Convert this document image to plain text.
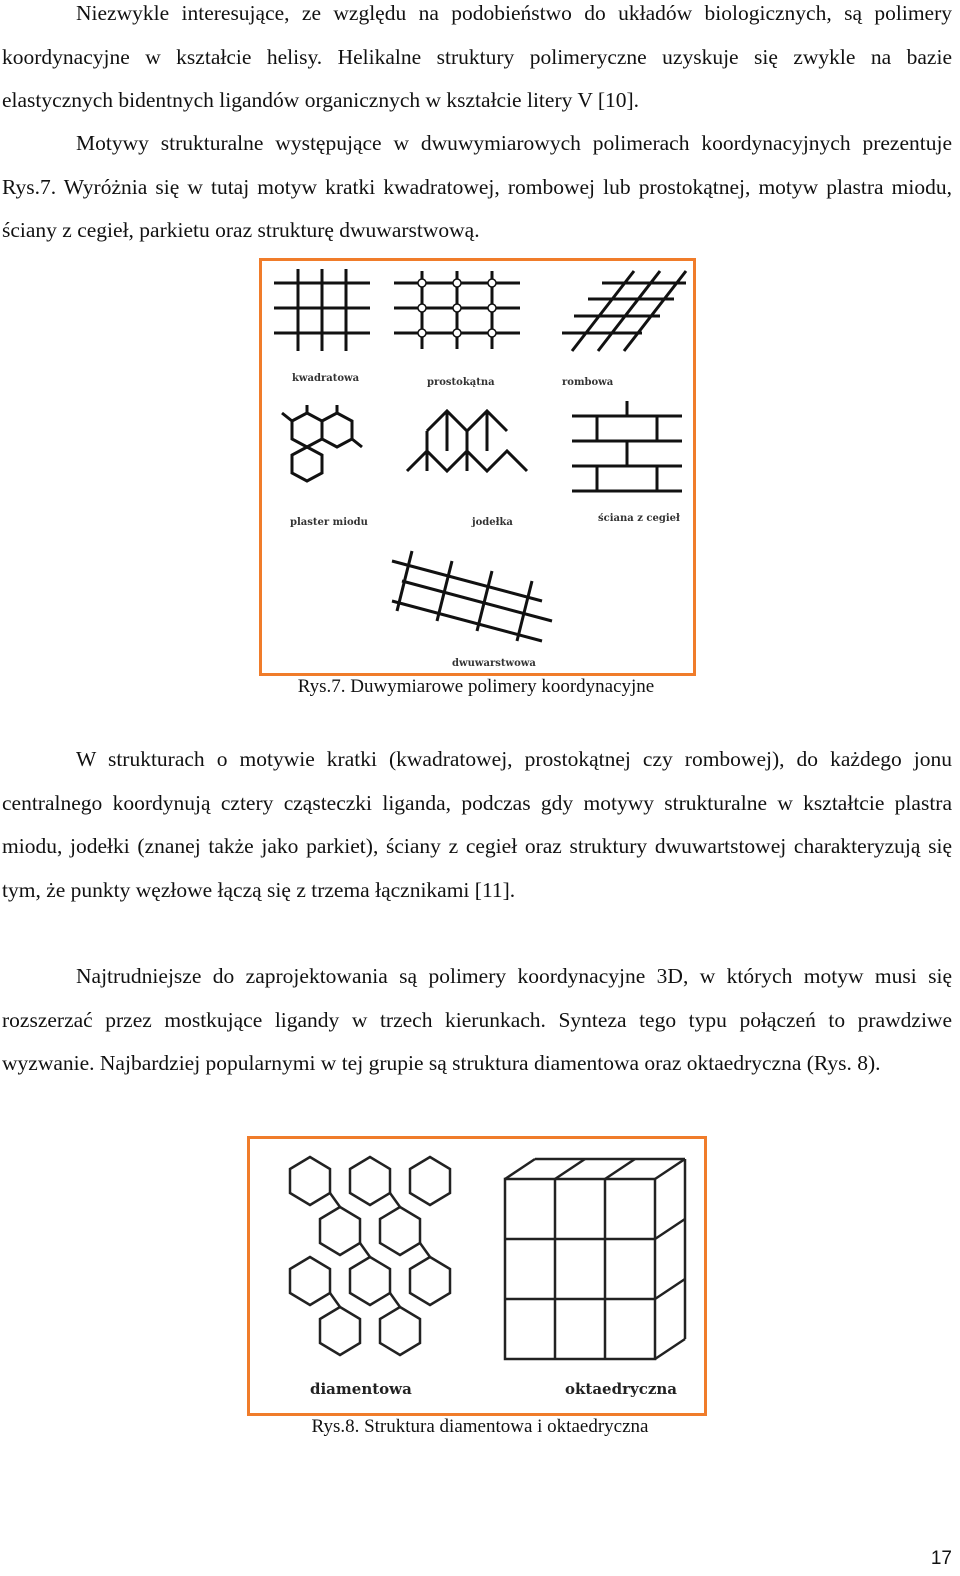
Niezwykle interesujące, ze względu na podobieństwo do układów biologicznych, są polimery koordynacyjne w kształcie helisy. Helikalne struktury polimeryczne uzyskuje się zwykle na bazie elastycznych bidentnych ligandów organicznych w kształcie litery V [10].

Motywy strukturalne występujące w dwuwymiarowych polimerach koordynacyjnych prezentuje Rys.7. Wyróżnia się w tutaj motyw kratki kwadratowej, rombowej lub prostokątnej, motyw plastra miodu, ściany z cegieł, parkietu oraz strukturę dwuwarstwową.

kwadratowa	prostokątna	rombowa
plaster miodu	jodełka	ściana z cegieł
dwuwarstwowa
Rys.7. Duwymiarowe polimery koordynacyjne

W strukturach o motywie kratki (kwadratowej, prostokątnej czy rombowej), do każdego jonu centralnego koordynują cztery cząsteczki liganda, podczas gdy motywy strukturalne w kształtcie plastra miodu, jodełki (znanej także jako parkiet), ściany z cegieł oraz struktury dwuwartstowej charakteryzują się tym, że punkty węzłowe łączą się z trzema łącznikami [11].

Najtrudniejsze do zaprojektowania są polimery koordynacyjne 3D, w których motyw musi się rozszerzać przez mostkujące ligandy w trzech kierunkach. Synteza tego typu połączeń to prawdziwe wyzwanie. Najbardziej popularnymi w tej grupie są struktura diamentowa oraz oktaedryczna (Rys. 8).

diamentowa	oktaedryczna
Rys.8. Struktura diamentowa i oktaedryczna
17
